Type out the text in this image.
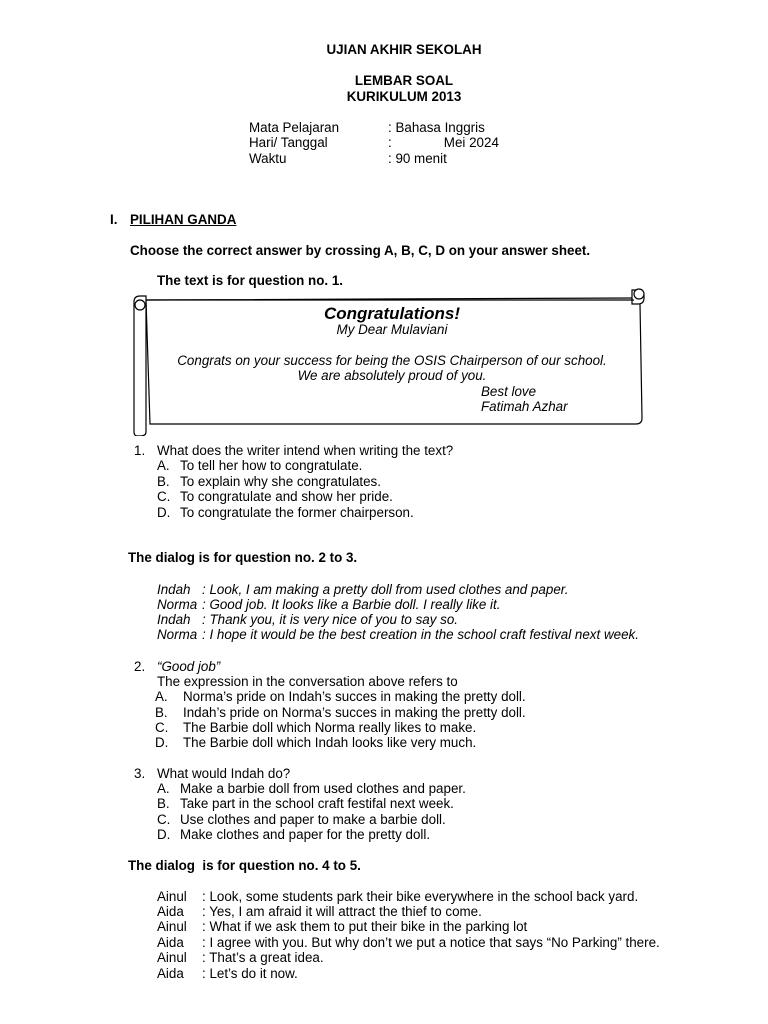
UJIAN AKHIR SEKOLAH
LEMBAR SOAL
KURIKULUM 2013
Mata Pelajaran	: Bahasa Inggris
Hari/ Tanggal	:              Mei 2024
Waktu	: 90 menit
I. PILIHAN GANDA
Choose the correct answer by crossing A, B, C, D on your answer sheet.
The text is for question no. 1.
Congratulations!
My Dear Mulaviani
Congrats on your success for being the OSIS Chairperson of our school.
We are absolutely proud of you.
Best love
Fatimah Azhar
1. What does the writer intend when writing the text?
A. To tell her how to congratulate.
B. To explain why she congratulates.
C. To congratulate and show her pride.
D. To congratulate the former chairperson.
The dialog is for question no. 2 to 3.
Indah : Look, I am making a pretty doll from used clothes and paper.
Norma : Good job. It looks like a Barbie doll. I really like it.
Indah : Thank you, it is very nice of you to say so.
Norma : I hope it would be the best creation in the school craft festival next week.
2. “Good job”
The expression in the conversation above refers to
A. Norma’s pride on Indah’s succes in making the pretty doll.
B. Indah’s pride on Norma’s succes in making the pretty doll.
C. The Barbie doll which Norma really likes to make.
D. The Barbie doll which Indah looks like very much.
3. What would Indah do?
A. Make a barbie doll from used clothes and paper.
B. Take part in the school craft festifal next week.
C. Use clothes and paper to make a barbie doll.
D. Make clothes and paper for the pretty doll.
The dialog  is for question no. 4 to 5.
Ainul : Look, some students park their bike everywhere in the school back yard.
Aida : Yes, I am afraid it will attract the thief to come.
Ainul : What if we ask them to put their bike in the parking lot
Aida : I agree with you. But why don’t we put a notice that says “No Parking” there.
Ainul : That’s a great idea.
Aida : Let’s do it now.
